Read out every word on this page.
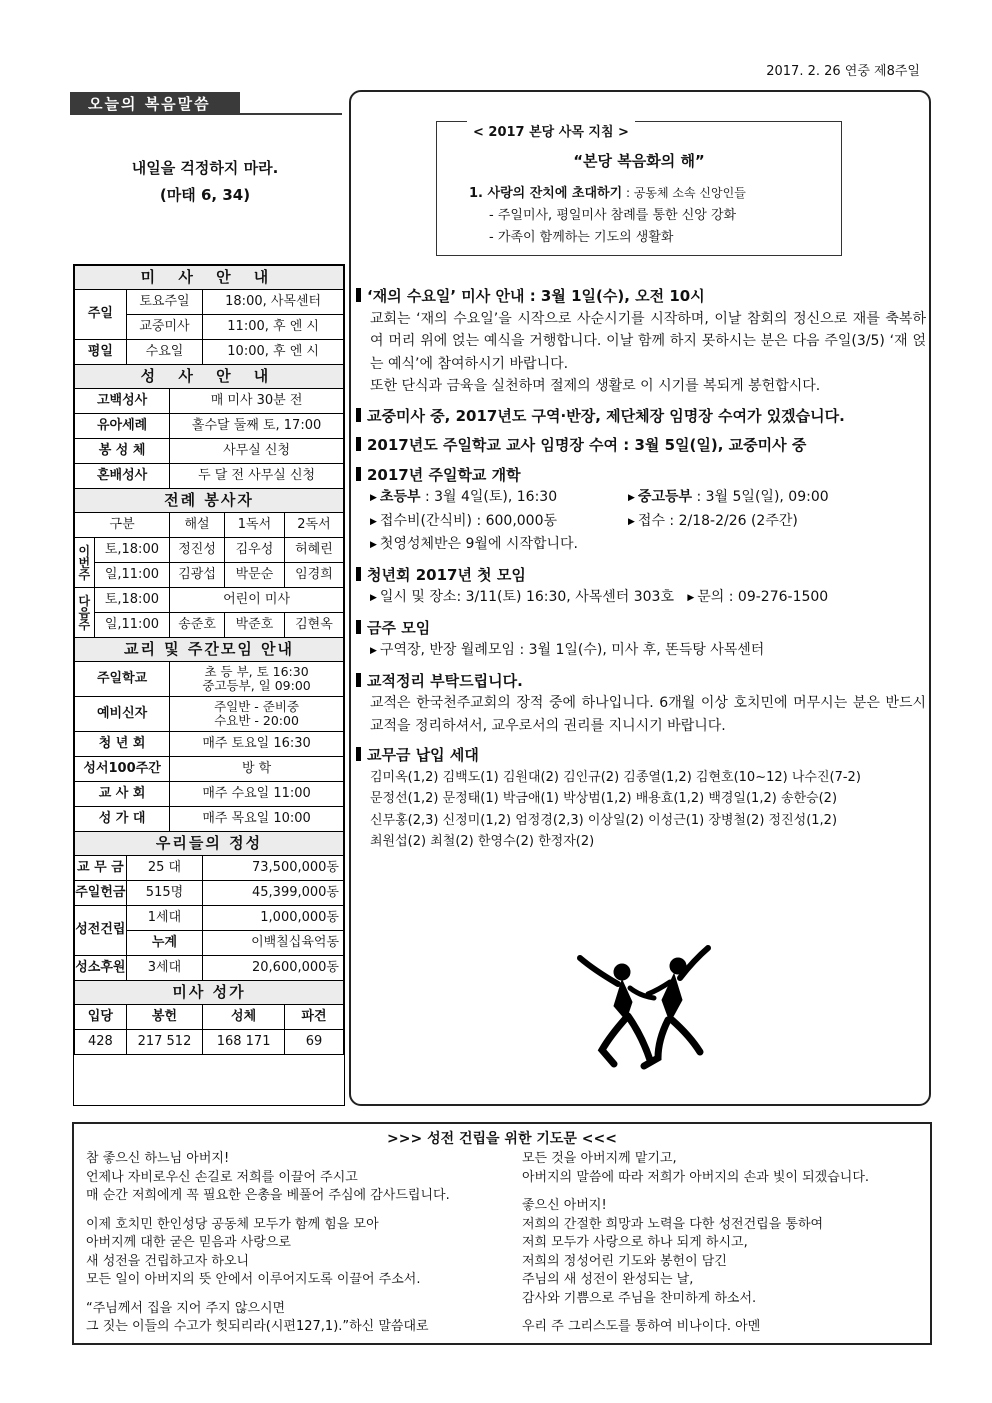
2017. 2. 26 연중 제8주일
오늘의 복음말씀
내일을 걱정하지 마라.
(마태 6, 34)
미 사 안 내						
주일		토요주일		18:00, 사목센터		
		교중미사		11:00, 후 엔 시		
평일		수요일		10:00, 후 엔 시		
성 사 안 내						
고백성사			매 미사 30분 전			
유아세례			홀수달 둘째 토, 17:00			
봉 성 체			사무실 신청			
혼배성사			두 달 전 사무실 신청			
전례 봉사자						
구분			해설		1독서	2독서
이번주	토,18:00		정진성		김우성	허혜린
	일,11:00		김광섭		박문순	임경희
다음주	토,18:00		어린이 미사			
	일,11:00		송준호		박준호	김현옥
교리 및 주간모임 안내						
주일학교			초 등 부, 토 16:30
중고등부, 일 09:00			

예비신자			주일반 - 준비중
수요반 - 20:00			

청 년 회			매주 토요일 16:30			
성서100주간			방 학			
교 사 회			매주 수요일 11:00			
성 가 대			매주 목요일 10:00			
우리들의 정성						
교 무 금		25 대		73,500,000동		
주일헌금		515명		45,399,000동		
성전건립		1세대		1,000,000동		
		누계		이백칠십육억동		
성소후원		3세대		20,600,000동		
미사 성가						
입당		봉헌		성체		파견
428		217 512		168 171		69
< 2017 본당 사목 지침 >
“본당 복음화의 해”
1. 사랑의 잔치에 초대하기 : 공동체 소속 신앙인들
- 주일미사, 평일미사 참례를 통한 신앙 강화
- 가족이 함께하는 기도의 생활화
‘재의 수요일’ 미사 안내 : 3월 1일(수), 오전 10시
교회는 ‘재의 수요일’을 시작으로 사순시기를 시작하며, 이날 참회의 정신으로 재를 축복하여 머리 위에 얹는 예식을 거행합니다. 이날 함께 하지 못하시는 분은 다음 주일(3/5) ‘재 얹는 예식’에 참여하시기 바랍니다.
또한 단식과 금육을 실천하며 절제의 생활로 이 시기를 복되게 봉헌합시다.
교중미사 중, 2017년도 구역·반장, 제단체장 임명장 수여가 있겠습니다.
2017년도 주일학교 교사 임명장 수여 : 3월 5일(일), 교중미사 중
2017년 주일학교 개학
▶ 초등부 : 3월 4일(토), 16:30	▶ 중고등부 : 3월 5일(일), 09:00
▶ 접수비(간식비) : 600,000동	▶ 접수 : 2/18-2/26 (2주간)
▶ 첫영성체반은 9월에 시작합니다.
청년회 2017년 첫 모임
▶ 일시 및 장소: 3/11(토) 16:30, 사목센터 303호 ▶ 문의 : 09-276-1500
금주 모임
▶ 구역장, 반장 월례모임 : 3월 1일(수), 미사 후, 똔득탕 사목센터
교적정리 부탁드립니다.
교적은 한국천주교회의 장적 중에 하나입니다. 6개월 이상 호치민에 머무시는 분은 반드시 교적을 정리하셔서, 교우로서의 권리를 지니시기 바랍니다.
교무금 납입 세대
김미옥(1,2) 김백도(1) 김원대(2) 김인규(2) 김종열(1,2) 김현호(10~12) 나수진(7-2)
문정선(1,2) 문정태(1) 박금애(1) 박상범(1,2) 배용효(1,2) 백경일(1,2) 송한승(2)
신무홍(2,3) 신정미(1,2) 엄정경(2,3) 이상일(2) 이성근(1) 장병철(2) 정진성(1,2)
최원섭(2) 최철(2) 한영수(2) 한정자(2)
>>> 성전 건립을 위한 기도문 <<<
참 좋으신 하느님 아버지!
언제나 자비로우신 손길로 저희를 이끌어 주시고
매 순간 저희에게 꼭 필요한 은총을 베풀어 주심에 감사드립니다.
이제 호치민 한인성당 공동체 모두가 함께 힘을 모아
아버지께 대한 굳은 믿음과 사랑으로
새 성전을 건립하고자 하오니
모든 일이 아버지의 뜻 안에서 이루어지도록 이끌어 주소서.
“주님께서 집을 지어 주지 않으시면
그 짓는 이들의 수고가 헛되리라(시편127,1).”하신 말씀대로
모든 것을 아버지께 맡기고,
아버지의 말씀에 따라 저희가 아버지의 손과 빛이 되겠습니다.
좋으신 아버지!
저희의 간절한 희망과 노력을 다한 성전건립을 통하여
저희 모두가 사랑으로 하나 되게 하시고,
저희의 정성어린 기도와 봉헌이 담긴
주님의 새 성전이 완성되는 날,
감사와 기쁨으로 주님을 찬미하게 하소서.
우리 주 그리스도를 통하여 비나이다. 아멘
